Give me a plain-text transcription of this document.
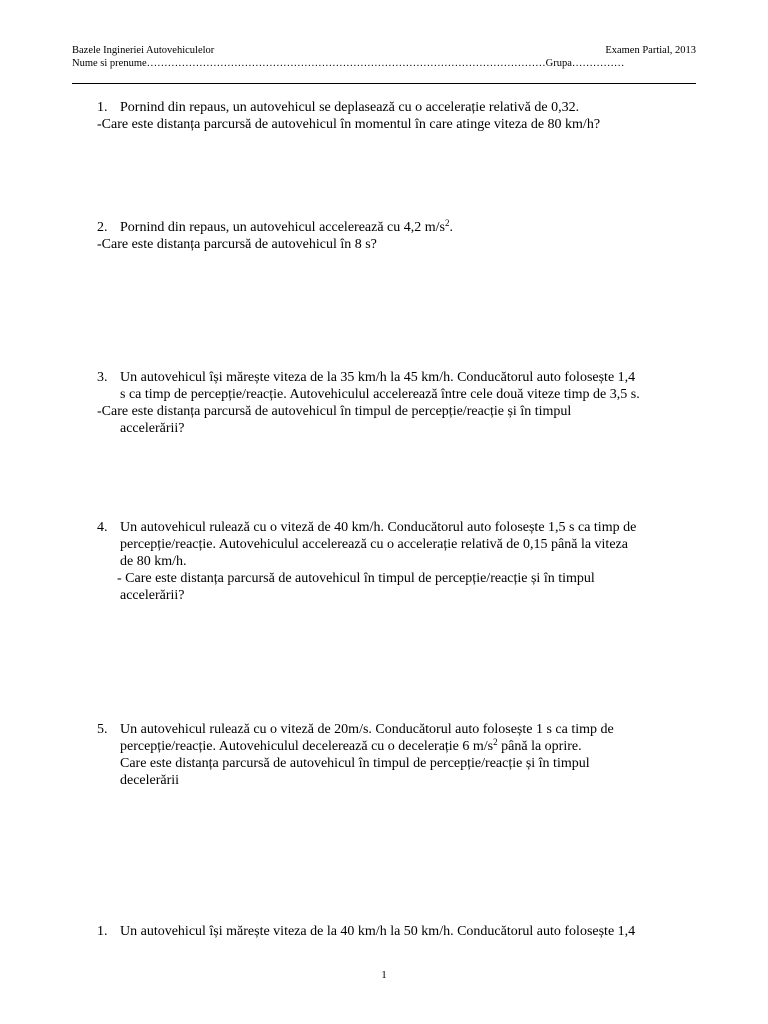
Bazele Ingineriei Autovehiculelor	Examen Partial, 2013
Nume si prenume……………………………………………………………………………………………………Grupa……………
1. Pornind din repaus, un autovehicul se deplasează cu o accelerație relativă de 0,32.
-Care este distanța parcursă de autovehicul în momentul în care atinge viteza de 80 km/h?
2. Pornind din repaus, un autovehicul accelerează cu 4,2 $m/s^2$.
-Care este distanța parcursă de autovehicul în 8 s?
3. Un autovehicul își mărește viteza de la 35 km/h la 45 km/h. Conducătorul auto folosește 1,4
s ca timp de percepție/reacție. Autovehiculul accelerează între cele două viteze timp de 3,5 s.
-Care este distanța parcursă de autovehicul în timpul de percepție/reacție și în timpul
accelerării?
4. Un autovehicul rulează cu o viteză de 40 km/h. Conducătorul auto folosește 1,5 s ca timp de
percepție/reacție. Autovehiculul accelerează cu o accelerație relativă de 0,15 până la viteza
de 80 km/h.
- Care este distanța parcursă de autovehicul în timpul de percepție/reacție și în timpul
accelerării?
5. Un autovehicul rulează cu o viteză de 20m/s. Conducătorul auto folosește 1 s ca timp de
percepție/reacție. Autovehiculul decelerează cu o decelerație 6 $m/s^2$ până la oprire.
Care este distanța parcursă de autovehicul în timpul de percepție/reacție și în timpul
decelerării
1. Un autovehicul își mărește viteza de la 40 km/h la 50 km/h. Conducătorul auto folosește 1,4
1
